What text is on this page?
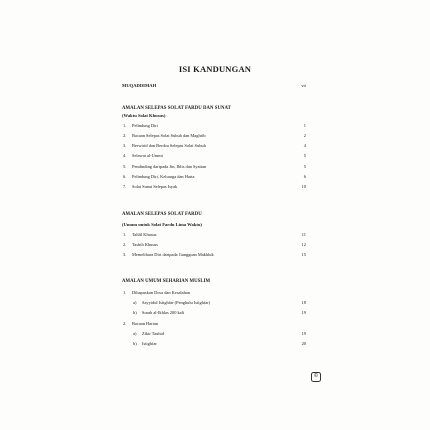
ISI KANDUNGAN
MUQADDIMAH	vii
AMALAN SELEPAS SOLAT FARDU DAN SUNAT
(Waktu Solat Khusus)
1. Pelindung Diri	1
2. Bacaan Selepas Solat Subuh dan Maghrib	2
3. Berwirid dan Berdoa Selepas Solat Subuh	4
4. Selawat al-Ummi	5
5. Pendinding daripada Jin, Iblis dan Syaitan	5
6. Pelindung Diri, Keluarga dan Harta	6
7. Solat Sunat Selepas Isyak	10
AMALAN SELEPAS SOLAT FARDU
(Umum untuk Solat Fardu Lima Waktu)
1. Tahlil Khusus	11
2. Tasbih Khusus	12
3. Memelihara Diri daripada Gangguan Makhluk	15
AMALAN UMUM SEHARIAN MUSLIM
1. Dihapuskan Dosa dan Kesalahan
a) Sayyidul Istighfar (Penghulu Istighfar)	18
b) Surah al-Ikhlas 200 kali	19
2. Bacaan Harian
a) Zikir Tauhid	19
b) Istighfar	20
©
